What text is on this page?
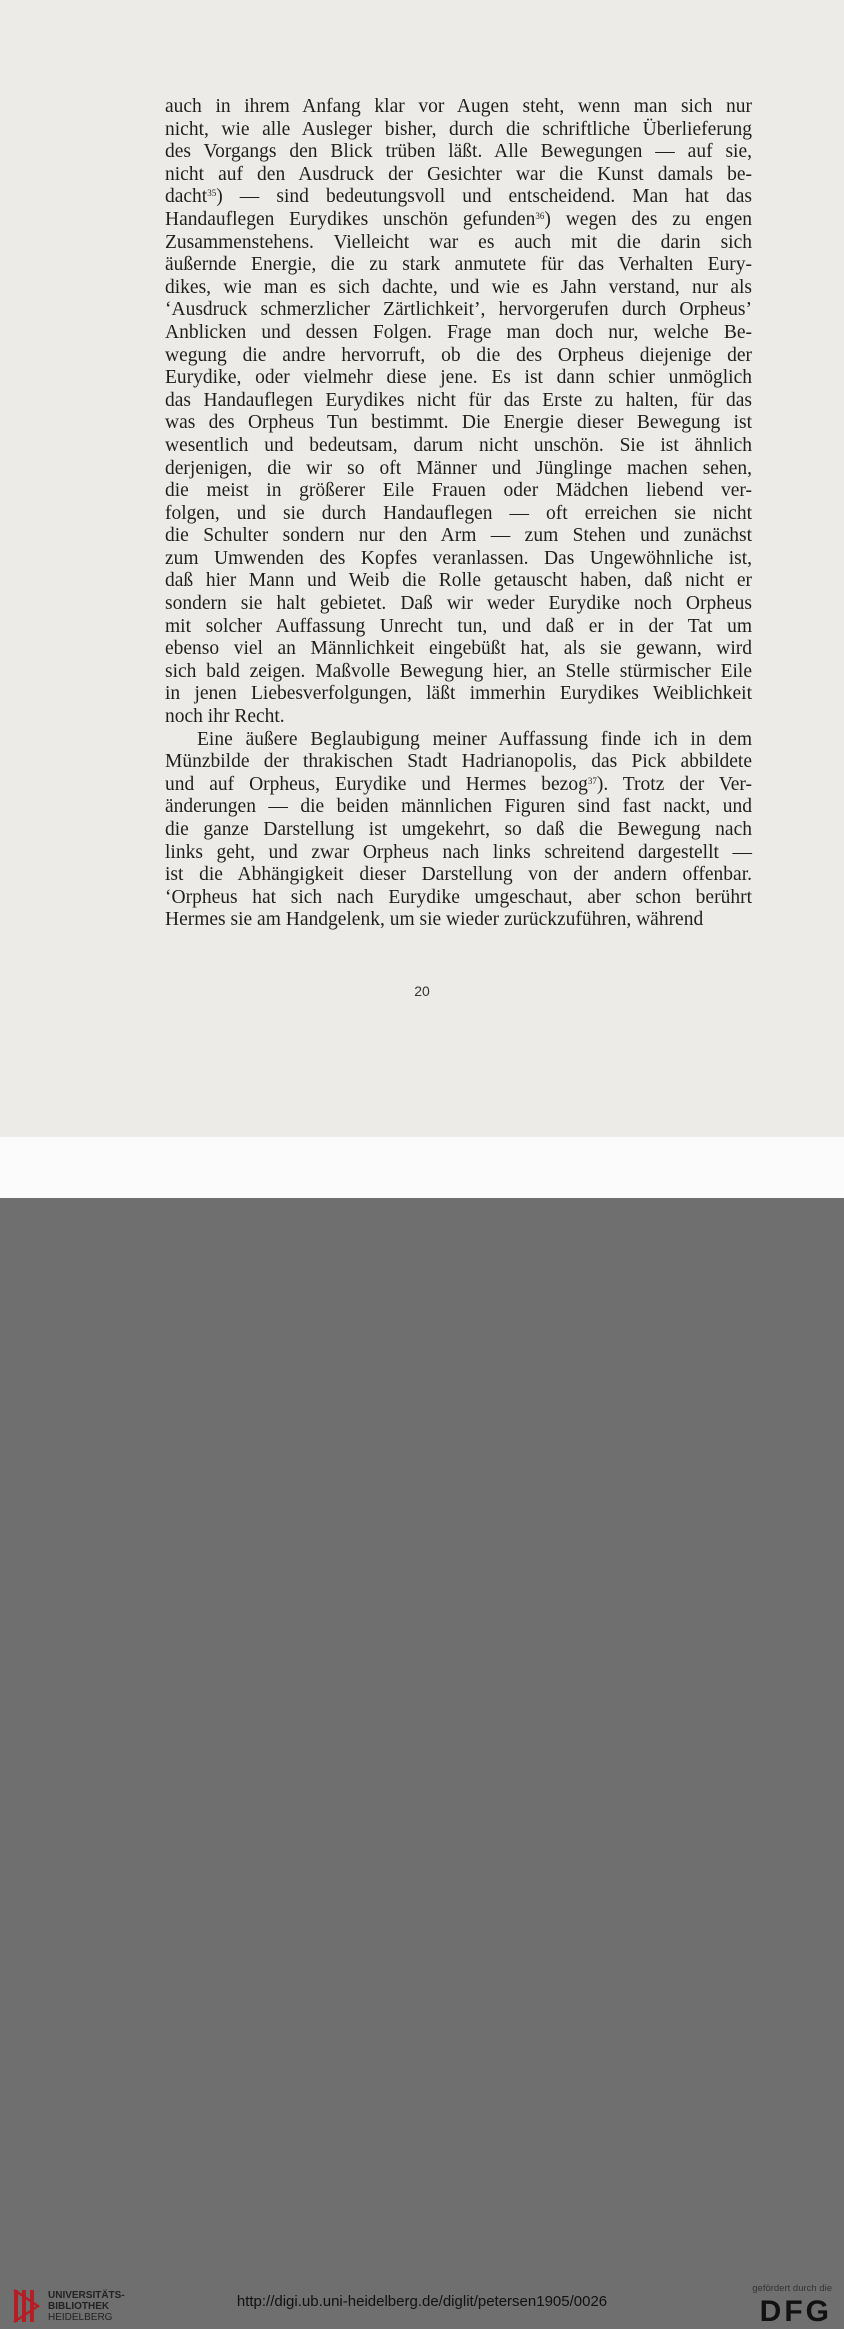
auch in ihrem Anfang klar vor Augen steht, wenn man sich nur
nicht, wie alle Ausleger bisher, durch die schriftliche Überlieferung
des Vorgangs den Blick trüben läßt. Alle Bewegungen — auf sie,
nicht auf den Ausdruck der Gesichter war die Kunst damals be-
dacht$^{35}$) — sind bedeutungsvoll und entscheidend. Man hat das
Handauflegen Eurydikes unschön gefunden$^{36}$) wegen des zu engen
Zusammenstehens. Vielleicht war es auch mit die darin sich
äußernde Energie, die zu stark anmutete für das Verhalten Eury-
dikes, wie man es sich dachte, und wie es Jahn verstand, nur als
‘Ausdruck schmerzlicher Zärtlichkeit’, hervorgerufen durch Orpheus’
Anblicken und dessen Folgen. Frage man doch nur, welche Be-
wegung die andre hervorruft, ob die des Orpheus diejenige der
Eurydike, oder vielmehr diese jene. Es ist dann schier unmöglich
das Handauflegen Eurydikes nicht für das Erste zu halten, für das
was des Orpheus Tun bestimmt. Die Energie dieser Bewegung ist
wesentlich und bedeutsam, darum nicht unschön. Sie ist ähnlich
derjenigen, die wir so oft Männer und Jünglinge machen sehen,
die meist in größerer Eile Frauen oder Mädchen liebend ver-
folgen, und sie durch Handauflegen — oft erreichen sie nicht
die Schulter sondern nur den Arm — zum Stehen und zunächst
zum Umwenden des Kopfes veranlassen. Das Ungewöhnliche ist,
daß hier Mann und Weib die Rolle getauscht haben, daß nicht er
sondern sie halt gebietet. Daß wir weder Eurydike noch Orpheus
mit solcher Auffassung Unrecht tun, und daß er in der Tat um
ebenso viel an Männlichkeit eingebüßt hat, als sie gewann, wird
sich bald zeigen. Maßvolle Bewegung hier, an Stelle stürmischer Eile
in jenen Liebesverfolgungen, läßt immerhin Eurydikes Weiblichkeit
noch ihr Recht.
Eine äußere Beglaubigung meiner Auffassung finde ich in dem
Münzbilde der thrakischen Stadt Hadrianopolis, das Pick abbildete
und auf Orpheus, Eurydike und Hermes bezog$^{37}$). Trotz der Ver-
änderungen — die beiden männlichen Figuren sind fast nackt, und
die ganze Darstellung ist umgekehrt, so daß die Bewegung nach
links geht, und zwar Orpheus nach links schreitend dargestellt —
ist die Abhängigkeit dieser Darstellung von der andern offenbar.
‘Orpheus hat sich nach Eurydike umgeschaut, aber schon berührt
Hermes sie am Handgelenk, um sie wieder zurückzuführen, während
20
UNIVERSITÄTS-
BIBLIOTHEK
HEIDELBERG
http://digi.ub.uni-heidelberg.de/diglit/petersen1905/0026
gefördert durch die
DFG
